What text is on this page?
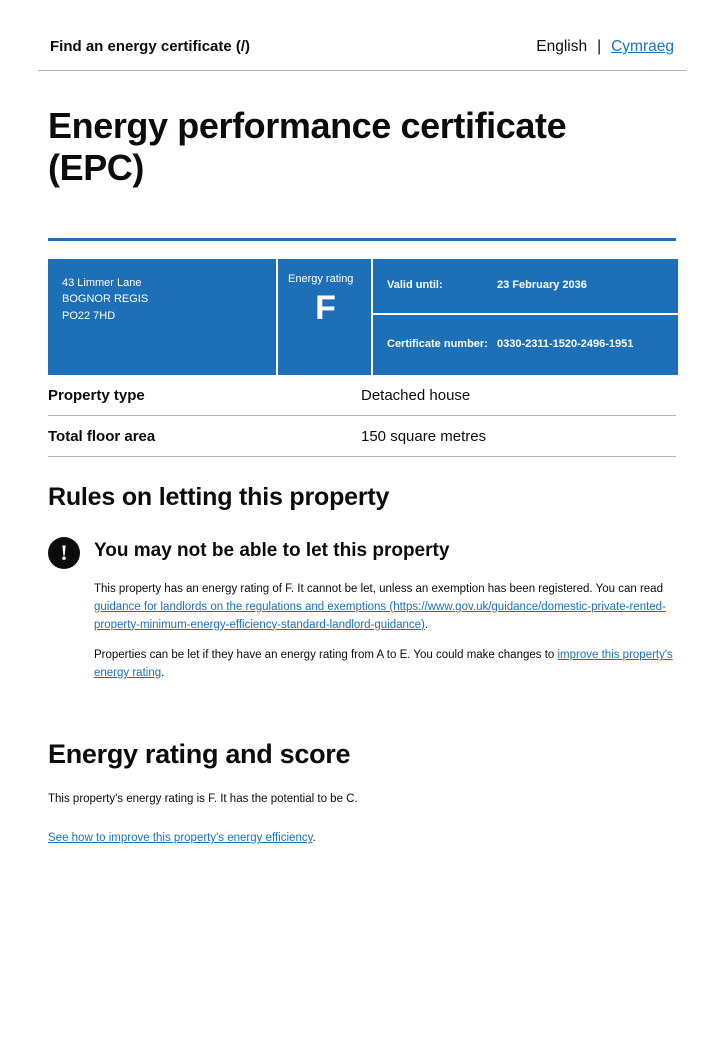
Find an energy certificate (/)	English | Cymraeg
Energy performance certificate (EPC)
43 Limmer Lane
BOGNOR REGIS
PO22 7HD
Energy rating
F
Valid until:	23 February 2036
Certificate number: 0330-2311-1520-2496-1951
Property type	Detached house
Total floor area	150 square metres
Rules on letting this property
!	You may not be able to let this property

This property has an energy rating of F. It cannot be let, unless an exemption has been registered. You can read guidance for landlords on the regulations and exemptions (https://www.gov.uk/guidance/domestic-private-rented-property-minimum-energy-efficiency-standard-landlord-guidance).

Properties can be let if they have an energy rating from A to E. You could make changes to improve this property's energy rating.

Energy rating and score
This property's energy rating is F. It has the potential to be C.
See how to improve this property's energy efficiency.
